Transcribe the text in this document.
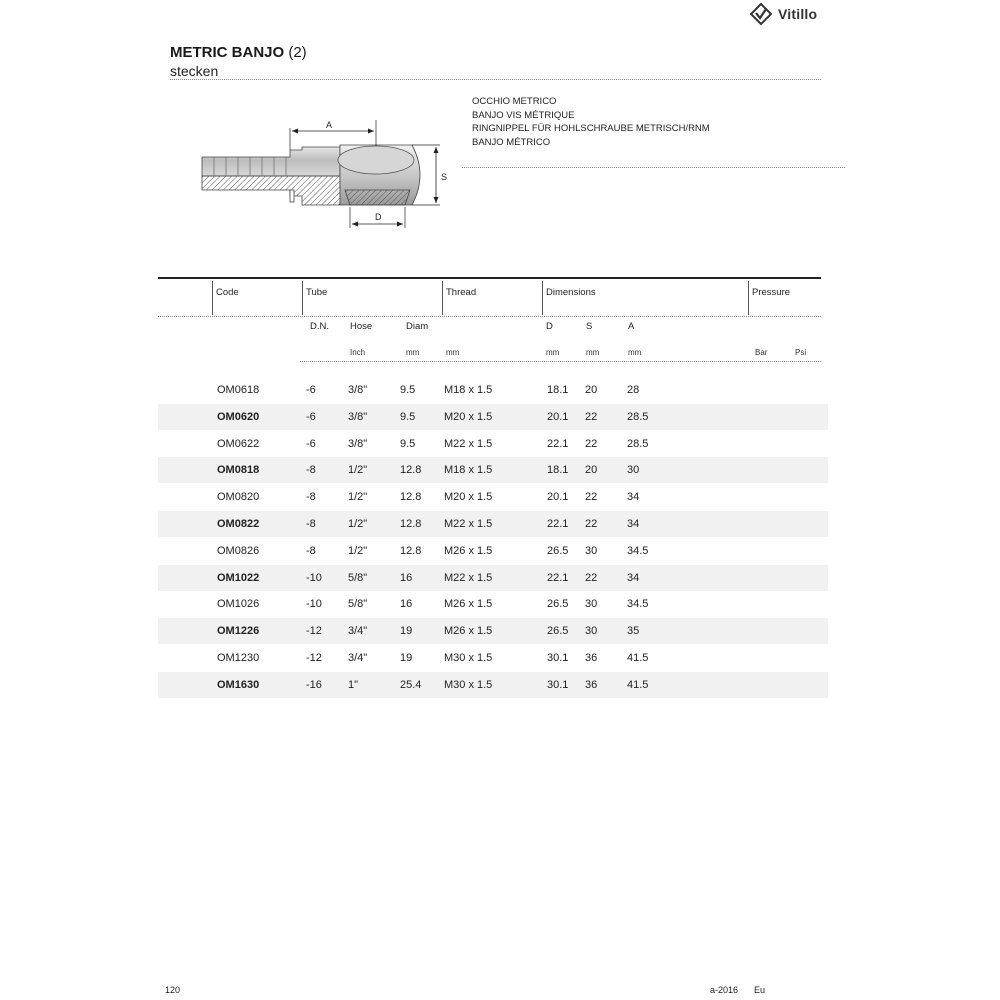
Vitillo
METRIC BANJO (2)
stecken
OCCHIO METRICO
BANJO VIS MÉTRIQUE
RINGNIPPEL FÜR HOHLSCHRAUBE METRISCH/RNM
BANJO MÉTRICO
A
S
D
Code	Tube	Thread	Dimensions	Pressure
D.N. Hose	Diam	D	S	A
Inch	mm	mm	mm	mm	mm	Bar	Psi
OM0618	-6	3/8"	9.5	M18 x 1.5	18.1 20	28
OM0620	-6	3/8"	9.5	M20 x 1.5	20.1 22	28.5
OM0622	-6	3/8"	9.5	M22 x 1.5	22.1 22	28.5
OM0818	-8	1/2"	12.8 M18 x 1.5	18.1 20	30
OM0820	-8	1/2"	12.8 M20 x 1.5	20.1 22	34
OM0822	-8	1/2"	12.8 M22 x 1.5	22.1 22	34
OM0826	-8	1/2"	12.8 M26 x 1.5	26.5 30	34.5
OM1022	-10 5/8"	16	M22 x 1.5	22.1 22	34
OM1026	-10 5/8"	16	M26 x 1.5	26.5 30	34.5
OM1226	-12 3/4"	19	M26 x 1.5	26.5 30	35
OM1230	-12 3/4"	19	M30 x 1.5	30.1 36	41.5
OM1630	-16 1"	25.4 M30 x 1.5	30.1 36	41.5
120	a-2016 Eu
